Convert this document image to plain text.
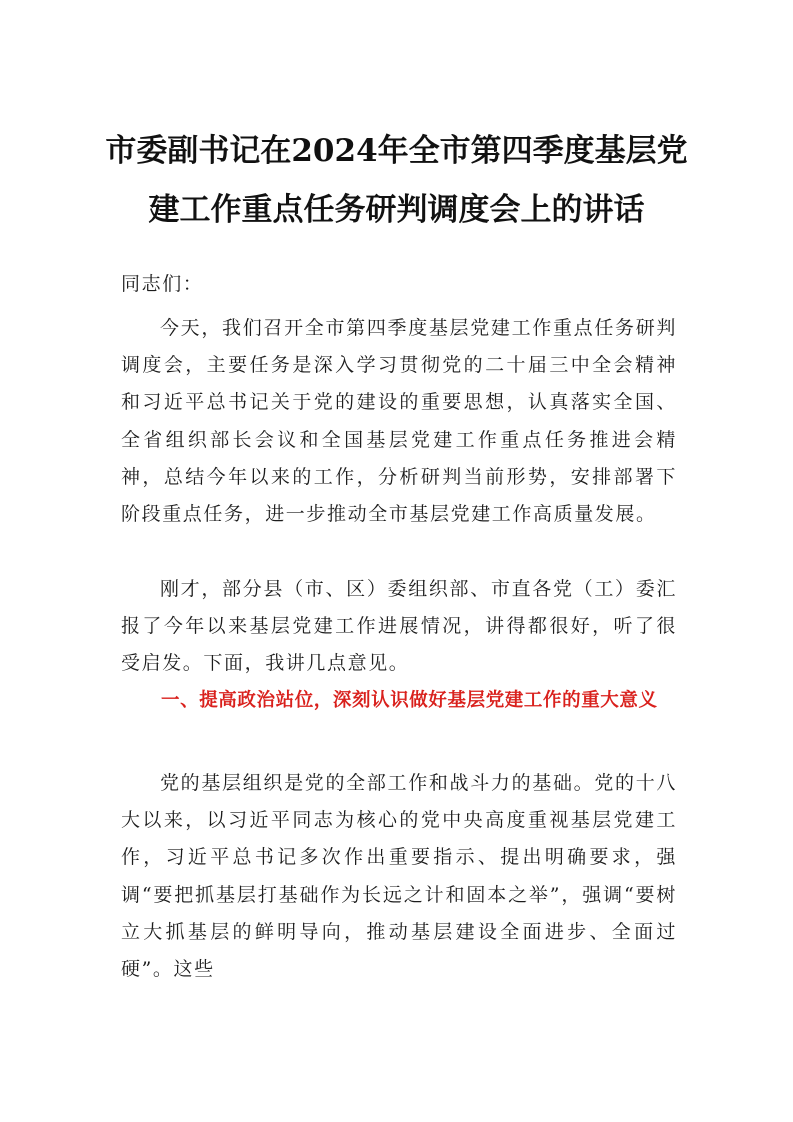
市委副书记在2024年全市第四季度基层党
建工作重点任务研判调度会上的讲话
同志们：
今天，我们召开全市第四季度基层党建工作重点任务研判调度会，主要任务是深入学习贯彻党的二十届三中全会精神和习近平总书记关于党的建设的重要思想，认真落实全国、全省组织部长会议和全国基层党建工作重点任务推进会精神，总结今年以来的工作，分析研判当前形势，安排部署下阶段重点任务，进一步推动全市基层党建工作高质量发展。
刚才，部分县（市、区）委组织部、市直各党（工）委汇报了今年以来基层党建工作进展情况，讲得都很好，听了很受启发。下面，我讲几点意见。
一、提高政治站位，深刻认识做好基层党建工作的重大意义
党的基层组织是党的全部工作和战斗力的基础。党的十八大以来，以习近平同志为核心的党中央高度重视基层党建工作，习近平总书记多次作出重要指示、提出明确要求，强调“要把抓基层打基础作为长远之计和固本之举”，强调“要树立大抓基层的鲜明导向，推动基层建设全面进步、全面过硬”。这些
